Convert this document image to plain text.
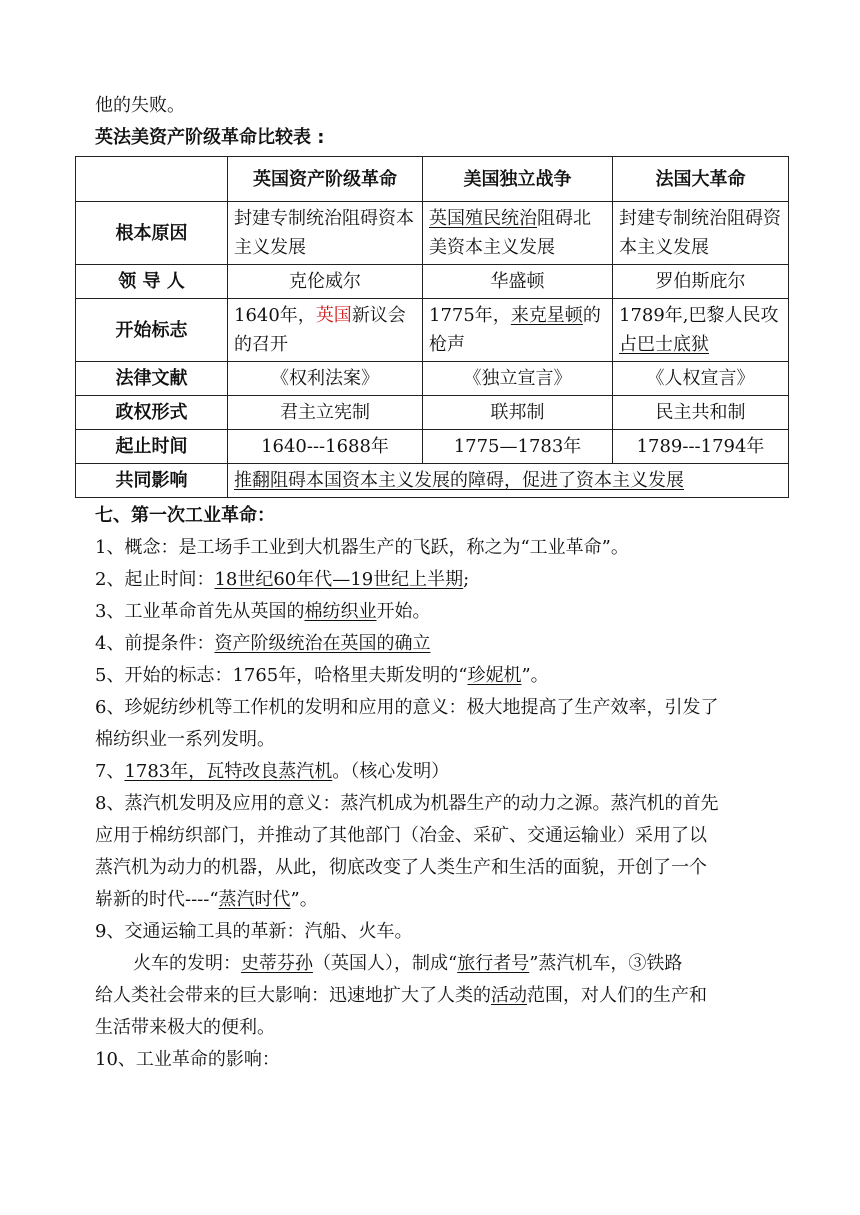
他的失败。
英法美资产阶级革命比较表 :
	英国资产阶级革命	美国独立战争	法国大革命
根本原因	封建专制统治阻碍资本主义发展	英国殖民统治阻碍北美资本主义发展	封建专制统治阻碍资本主义发展
领 导 人	克伦威尔	华盛顿	罗伯斯庇尔
开始标志	1640年，英国新议会的召开	1775年，来克星顿的枪声	1789年,巴黎人民攻占巴士底狱
法律文献	《权利法案》	《独立宣言》	《人权宣言》
政权形式	君主立宪制	联邦制	民主共和制
起止时间	1640---1688年	1775—1783年	1789---1794年
共同影响	推翻阻碍本国资本主义发展的障碍，促进了资本主义发展		
七、第一次工业革命：
1、概念：是工场手工业到大机器生产的飞跃，称之为“工业革命”。
2、起止时间：18世纪60年代—19世纪上半期;
3、工业革命首先从英国的棉纺织业开始。
4、前提条件：资产阶级统治在英国的确立
5、开始的标志：1765年，哈格里夫斯发明的“珍妮机”。
6、珍妮纺纱机等工作机的发明和应用的意义：极大地提高了生产效率，引发了
棉纺织业一系列发明。
7、1783年，瓦特改良蒸汽机。（核心发明）
8、蒸汽机发明及应用的意义：蒸汽机成为机器生产的动力之源。蒸汽机的首先
应用于棉纺织部门，并推动了其他部门（冶金、采矿、交通运输业）采用了以
蒸汽机为动力的机器，从此，彻底改变了人类生产和生活的面貌，开创了一个
崭新的时代----“蒸汽时代”。
9、交通运输工具的革新：汽船、火车。
火车的发明：史蒂芬孙（英国人），制成“旅行者号”蒸汽机车，③铁路
给人类社会带来的巨大影响：迅速地扩大了人类的活动范围，对人们的生产和
生活带来极大的便利。
10、工业革命的影响：
